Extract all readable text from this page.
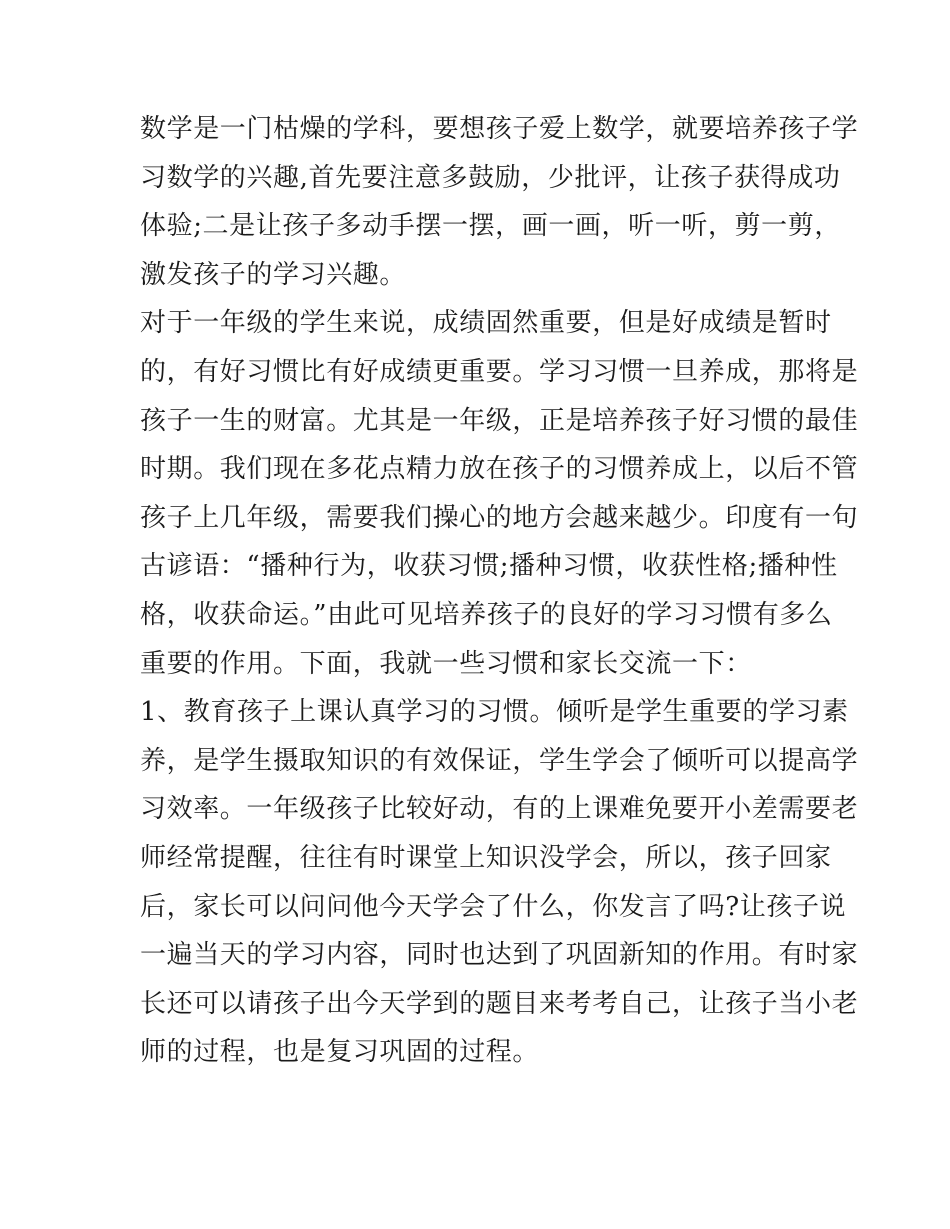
数学是一门枯燥的学科，要想孩子爱上数学，就要培养孩子学
习数学的兴趣,首先要注意多鼓励，少批评，让孩子获得成功
体验;二是让孩子多动手摆一摆，画一画，听一听，剪一剪，
激发孩子的学习兴趣。
对于一年级的学生来说，成绩固然重要，但是好成绩是暂时
的，有好习惯比有好成绩更重要。学习习惯一旦养成，那将是
孩子一生的财富。尤其是一年级，正是培养孩子好习惯的最佳
时期。我们现在多花点精力放在孩子的习惯养成上，以后不管
孩子上几年级，需要我们操心的地方会越来越少。印度有一句
古谚语：“播种行为，收获习惯;播种习惯，收获性格;播种性
格，收获命运。”由此可见培养孩子的良好的学习习惯有多么
重要的作用。下面，我就一些习惯和家长交流一下：
1、教育孩子上课认真学习的习惯。倾听是学生重要的学习素
养，是学生摄取知识的有效保证，学生学会了倾听可以提高学
习效率。一年级孩子比较好动，有的上课难免要开小差需要老
师经常提醒，往往有时课堂上知识没学会，所以，孩子回家
后，家长可以问问他今天学会了什么，你发言了吗?让孩子说
一遍当天的学习内容，同时也达到了巩固新知的作用。有时家
长还可以请孩子出今天学到的题目来考考自己，让孩子当小老
师的过程，也是复习巩固的过程。
